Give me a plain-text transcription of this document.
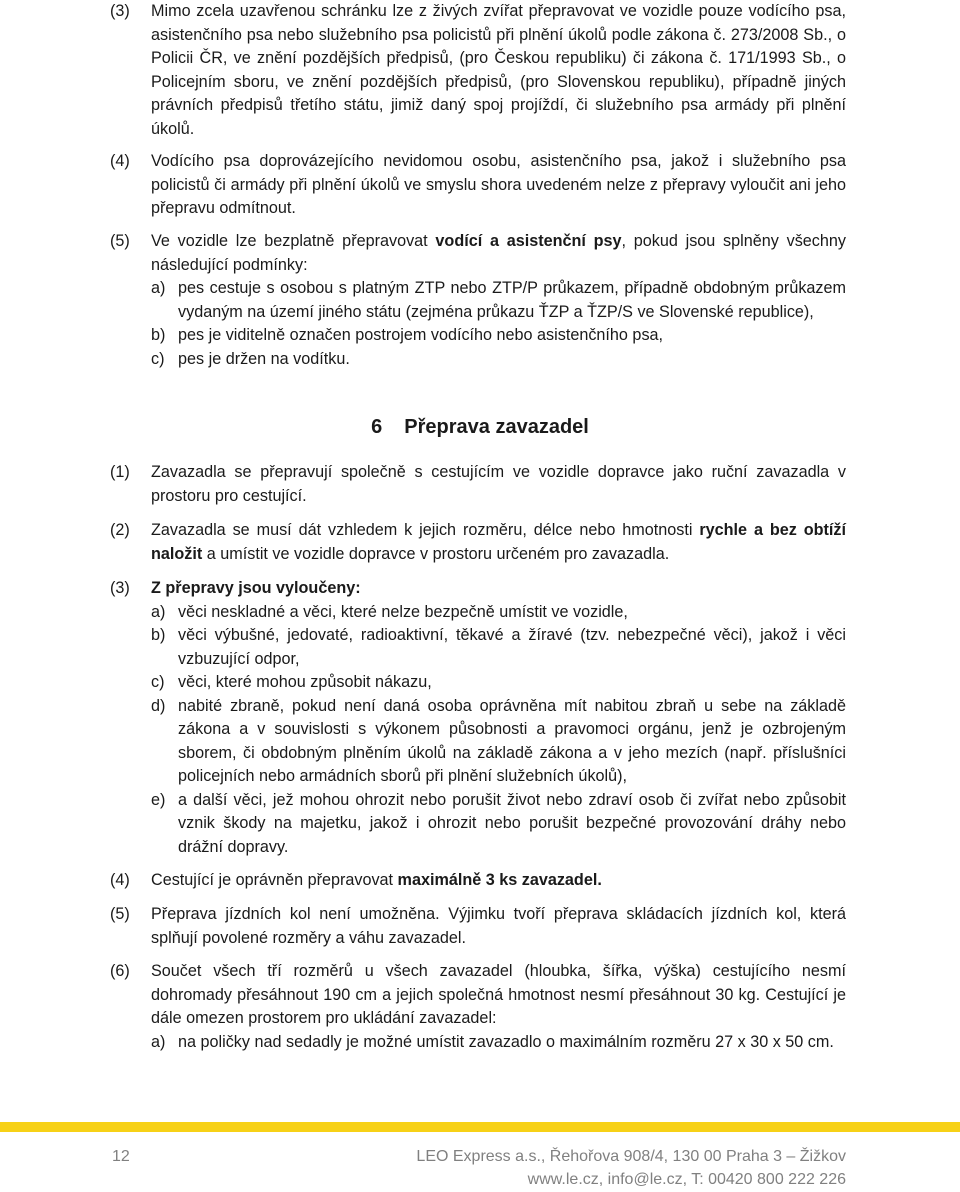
(3) Mimo zcela uzavřenou schránku lze z živých zvířat přepravovat ve vozidle pouze vodícího psa, asistenčního psa nebo služebního psa policistů při plnění úkolů podle zákona č. 273/2008 Sb., o Policii ČR, ve znění pozdějších předpisů, (pro Českou republiku) či zákona č. 171/1993 Sb., o Policejním sboru, ve znění pozdějších předpisů, (pro Slovenskou republiku), případně jiných právních předpisů třetího státu, jimiž daný spoj projíždí, či služebního psa armády při plnění úkolů.
(4) Vodícího psa doprovázejícího nevidomou osobu, asistenčního psa, jakož i služebního psa policistů či armády při plnění úkolů ve smyslu shora uvedeném nelze z přepravy vyloučit ani jeho přepravu odmítnout.
(5) Ve vozidle lze bezplatně přepravovat vodící a asistenční psy, pokud jsou splněny všechny následující podmínky:
a) pes cestuje s osobou s platným ZTP nebo ZTP/P průkazem, případně obdobným průkazem vydaným na území jiného státu (zejména průkazu ŤZP a ŤZP/S ve Slovenské republice),
b) pes je viditelně označen postrojem vodícího nebo asistenčního psa,
c) pes je držen na vodítku.
6 Přeprava zavazadel
(1) Zavazadla se přepravují společně s cestujícím ve vozidle dopravce jako ruční zavazadla v prostoru pro cestující.
(2) Zavazadla se musí dát vzhledem k jejich rozměru, délce nebo hmotnosti rychle a bez obtíží naložit a umístit ve vozidle dopravce v prostoru určeném pro zavazadla.
(3) Z přepravy jsou vyloučeny:
a) věci neskladné a věci, které nelze bezpečně umístit ve vozidle,
b) věci výbušné, jedovaté, radioaktivní, těkavé a žíravé (tzv. nebezpečné věci), jakož i věci vzbuzující odpor,
c) věci, které mohou způsobit nákazu,
d) nabité zbraně, pokud není daná osoba oprávněna mít nabitou zbraň u sebe na základě zákona a v souvislosti s výkonem působnosti a pravomoci orgánu, jenž je ozbrojeným sborem, či obdobným plněním úkolů na základě zákona a v jeho mezích (např. příslušníci policejních nebo armádních sborů při plnění služebních úkolů),
e) a další věci, jež mohou ohrozit nebo porušit život nebo zdraví osob či zvířat nebo způsobit vznik škody na majetku, jakož i ohrozit nebo porušit bezpečné provozování dráhy nebo drážní dopravy.
(4) Cestující je oprávněn přepravovat maximálně 3 ks zavazadel.
(5) Přeprava jízdních kol není umožněna. Výjimku tvoří přeprava skládacích jízdních kol, která splňují povolené rozměry a váhu zavazadel.
(6) Součet všech tří rozměrů u všech zavazadel (hloubka, šířka, výška) cestujícího nesmí dohromady přesáhnout 190 cm a jejich společná hmotnost nesmí přesáhnout 30 kg. Cestující je dále omezen prostorem pro ukládání zavazadel:
a) na poličky nad sedadly je možné umístit zavazadlo o maximálním rozměru 27 x 30 x 50 cm.
12	LEO Express a.s., Řehořova 908/4, 130 00 Praha 3 – Žižkov
www.le.cz, info@le.cz, T: 00420 800 222 226
